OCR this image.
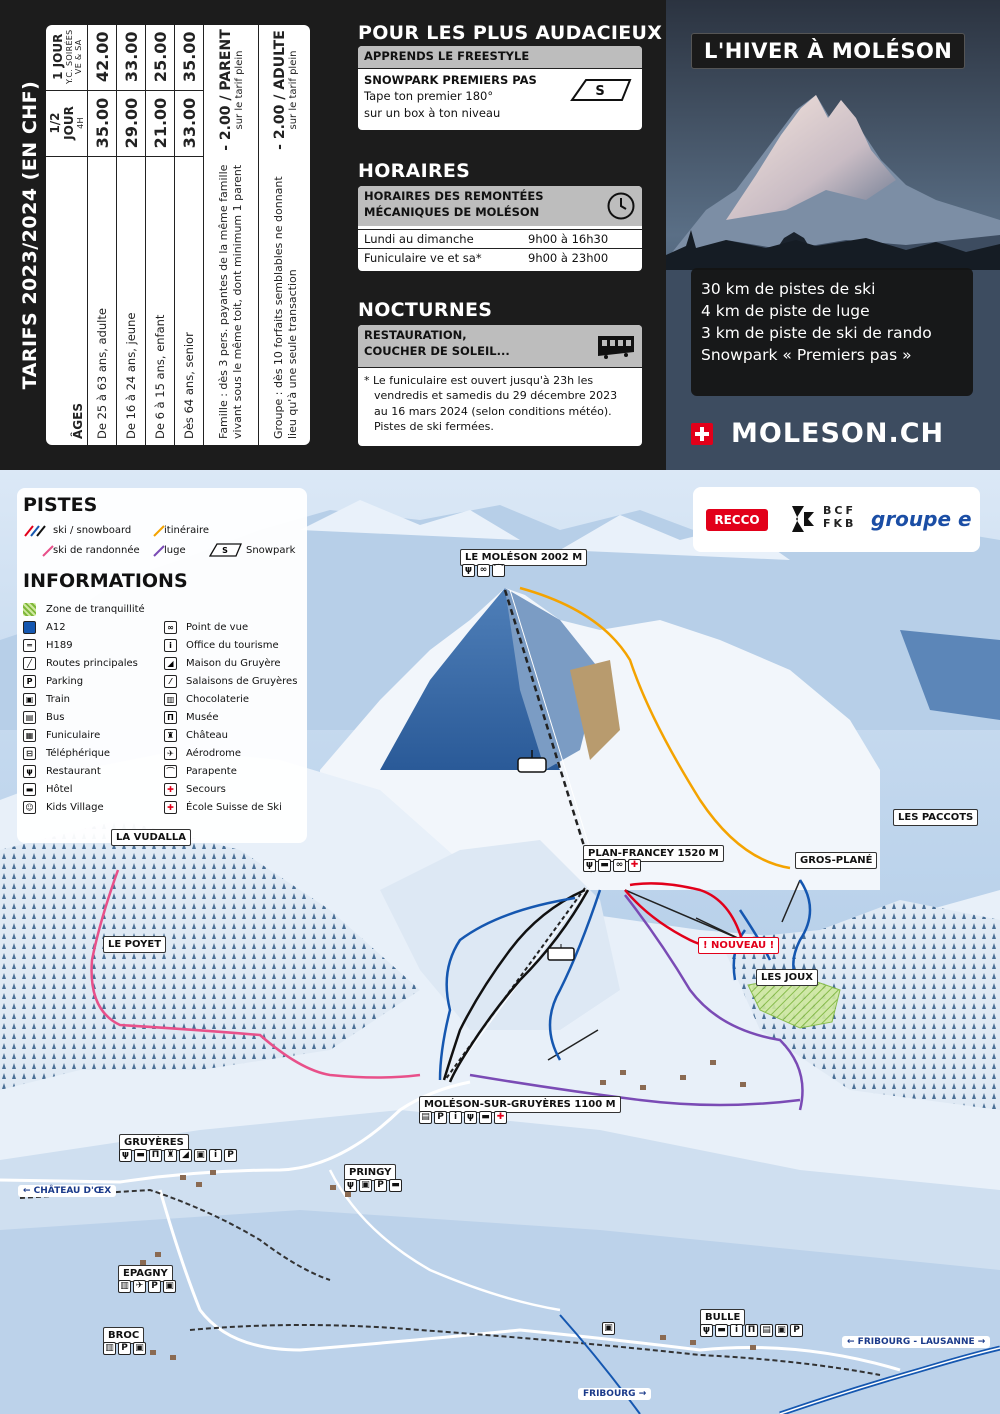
TARIFS 2023/2024 (EN CHF)
ÂGES	1/2 JOUR 4H	1 JOUR Y.C. SOIRÉES VE & SA

De 25 à 63 ans, adulte	35.00	42.00
De 16 à 24 ans, jeune	29.00	33.00
De 6 à 15 ans, enfant	21.00	25.00
Dès 64 ans, senior	33.00	35.00
Famille : dès 3 pers. payantes de la même famille vivant sous le même toit, dont minimum 1 parent	- 2.00 / PARENT sur le tarif plein	

Groupe : dès 10 forfaits semblables ne donnant lieu qu'à une seule transaction	- 2.00 / ADULTE sur le tarif plein	
POUR LES PLUS AUDACIEUX
APPRENDS LE FREESTYLE
SNOWPARK PREMIERS PAS
Tape ton premier 180°
sur un box à ton niveau
S
HORAIRES
HORAIRES DES REMONTÉES
MÉCANIQUES DE MOLÉSON
Lundi au dimanche	9h00 à 16h30
Funiculaire ve et sa*	9h00 à 23h00
NOCTURNES
RESTAURATION,
COUCHER DE SOLEIL...
* Le funiculaire est ouvert jusqu'à 23h les
vendredis et samedis du 29 décembre 2023
au 16 mars 2024 (selon conditions météo).
Pistes de ski fermées.
L'HIVER À MOLÉSON
30 km de pistes de ski
4 km de piste de luge
3 km de piste de ski de rando
Snowpark « Premiers pas »
MOLESON.CH
PISTES
ski / snowboard	itinéraire
ski de randonnée luge	S Snowpark
INFORMATIONS
Zone de tranquillité
A12
═	H189
╱	Routes principales
P	Parking
▣ Train
▤ Bus
▦ Funiculaire
⊟	Téléphérique
ψ	Restaurant
▬ Hôtel
☺ Kids Village
∞	Point de vue
i	Office du tourisme
◢	Maison du Gruyère
⁄	Salaisons de Gruyères
▥ Chocolaterie
Π	Musée
♜ Château
✈	Aérodrome
⌒ Parapente
✚	Secours
✚	École Suisse de Ski
RECCO
BCF
FKB groupe e
LE MOLÉSON 2002 M
ψ ∞ ⌒
PLAN-FRANCEY 1520 M
ψ ▬ ∞ ✚
LES PACCOTS
GROS-PLANÉ
LA VUDALLA
LE POYET
LES JOUX
! NOUVEAU !
MOLÉSON-SUR-GRUYÈRES 1100 M
▤ P	i	ψ ▬ ✚
GRUYÈRES
ψ ▬ Π ♜ ◢ ▣	i	P
PRINGY
ψ ▣ P ▬
← CHÂTEAU D'ŒX
EPAGNY
▥ ✈ P ▣
BULLE
ψ ▬	i	Π ▤ ▣ P
BROC
▥ P ▣
▣
FRIBOURG →
← FRIBOURG - LAUSANNE →
